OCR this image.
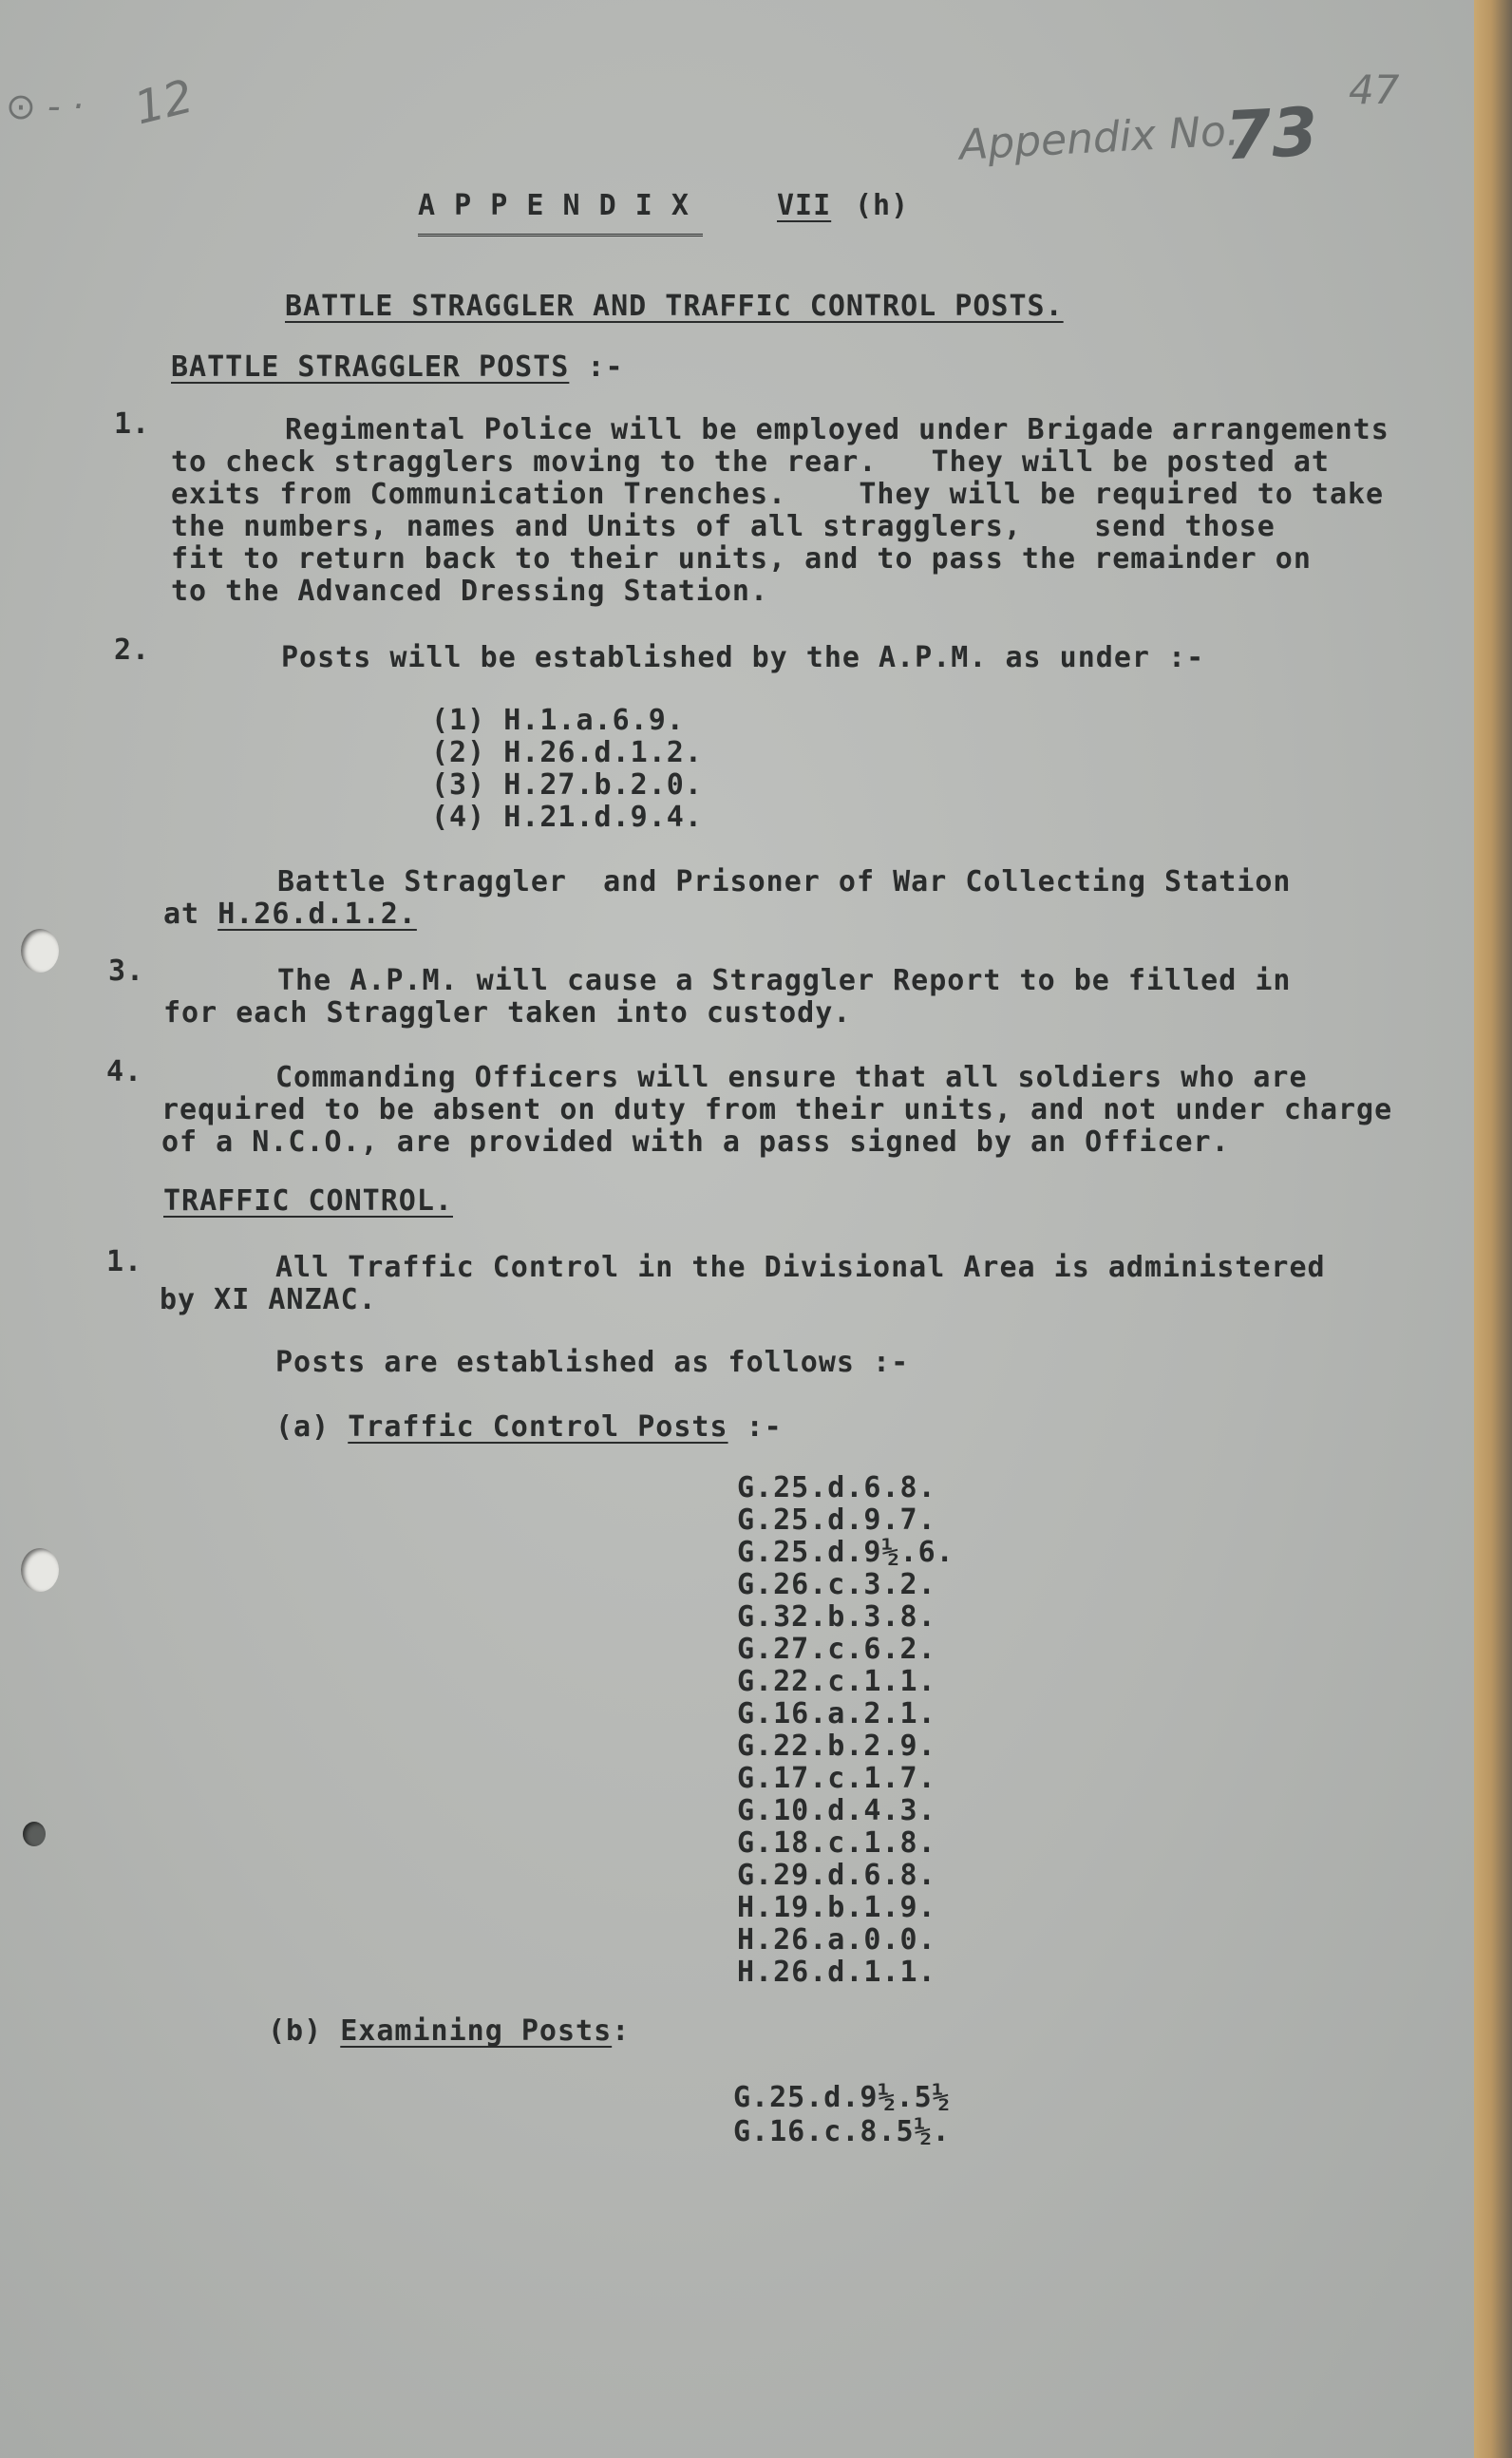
⊙ - · 12
Appendix No.
73
47
A P P E N D I X	VII (h)
BATTLE STRAGGLER AND TRAFFIC CONTROL POSTS.
BATTLE STRAGGLER POSTS :-
1.	Regimental Police will be employed under Brigade arrangements
to check stragglers moving to the rear.   They will be posted at
exits from Communication Trenches.    They will be required to take
the numbers, names and Units of all stragglers,    send those
fit to return back to their units, and to pass the remainder on
to the Advanced Dressing Station.
2.	Posts will be established by the A.P.M. as under :-
(1) H.1.a.6.9.
(2) H.26.d.1.2.
(3) H.27.b.2.0.
(4) H.21.d.9.4.
Battle Straggler  and Prisoner of War Collecting Station
at H.26.d.1.2.
3.	The A.P.M. will cause a Straggler Report to be filled in
for each Straggler taken into custody.
4.	Commanding Officers will ensure that all soldiers who are
required to be absent on duty from their units, and not under charge
of a N.C.O., are provided with a pass signed by an Officer.
TRAFFIC CONTROL.
1.	All Traffic Control in the Divisional Area is administered
by XI ANZAC.
Posts are established as follows :-
(a) Traffic Control Posts :-
G.25.d.6.8.
G.25.d.9.7.
G.25.d.9½.6.
G.26.c.3.2.
G.32.b.3.8.
G.27.c.6.2.
G.22.c.1.1.
G.16.a.2.1.
G.22.b.2.9.
G.17.c.1.7.
G.10.d.4.3.
G.18.c.1.8.
G.29.d.6.8.
H.19.b.1.9.
H.26.a.0.0.
H.26.d.1.1.
(b) Examining Posts:
G.25.d.9½.5½
G.16.c.8.5½.
